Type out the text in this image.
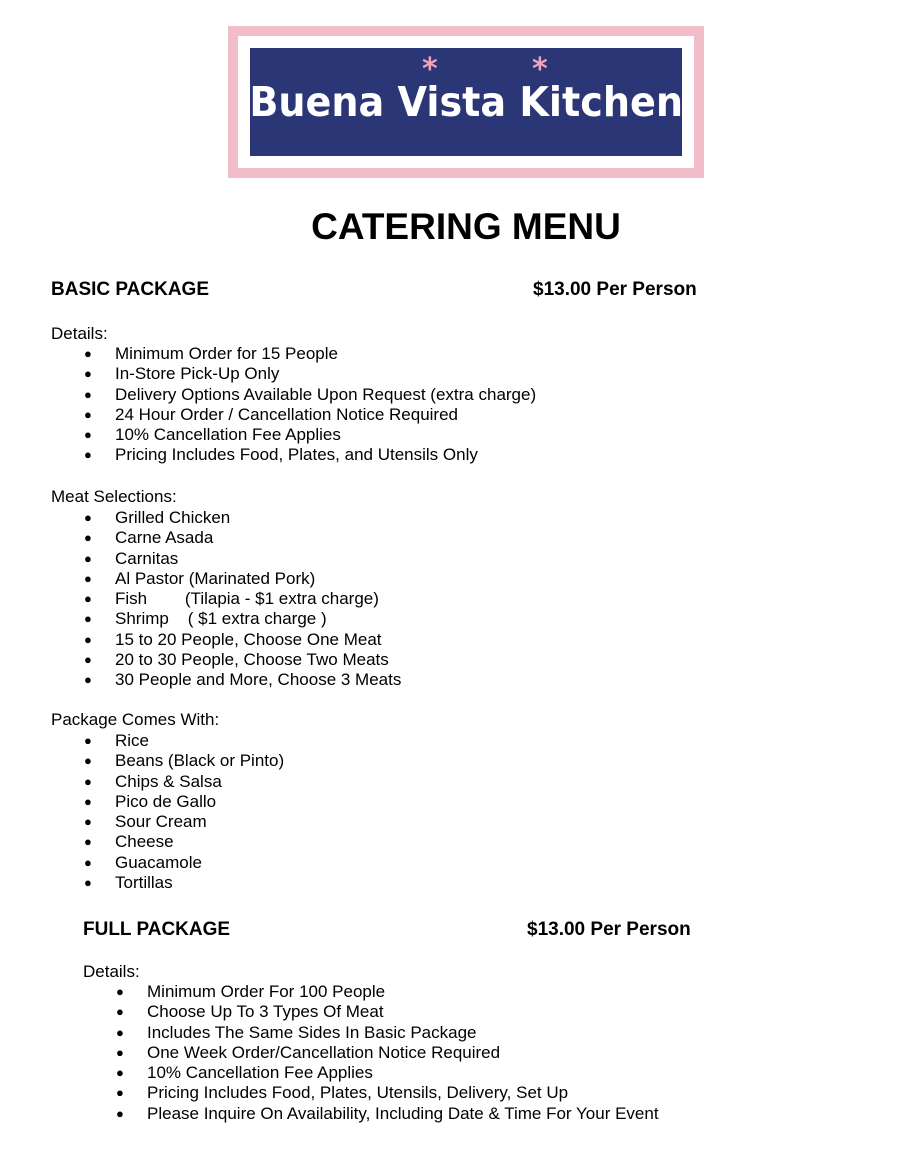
*	*
Buena Vista Kitchen
CATERING MENU
BASIC PACKAGE	$13.00 Per Person
Details:
● Minimum Order for 15 People
● In-Store Pick-Up Only
● Delivery Options Available Upon Request (extra charge)
● 24 Hour Order / Cancellation Notice Required
● 10% Cancellation Fee Applies
● Pricing Includes Food, Plates, and Utensils Only
Meat Selections:
● Grilled Chicken
● Carne Asada
● Carnitas
● Al Pastor (Marinated Pork)
● Fish        (Tilapia - $1 extra charge)
● Shrimp    ( $1 extra charge )
● 15 to 20 People, Choose One Meat
● 20 to 30 People, Choose Two Meats
● 30 People and More, Choose 3 Meats
Package Comes With:
● Rice
● Beans (Black or Pinto)
● Chips & Salsa
● Pico de Gallo
● Sour Cream
● Cheese
● Guacamole
● Tortillas
FULL PACKAGE	$13.00 Per Person
Details:
● Minimum Order For 100 People
● Choose Up To 3 Types Of Meat
● Includes The Same Sides In Basic Package
● One Week Order/Cancellation Notice Required
● 10% Cancellation Fee Applies
● Pricing Includes Food, Plates, Utensils, Delivery, Set Up
● Please Inquire On Availability, Including Date & Time For Your Event
